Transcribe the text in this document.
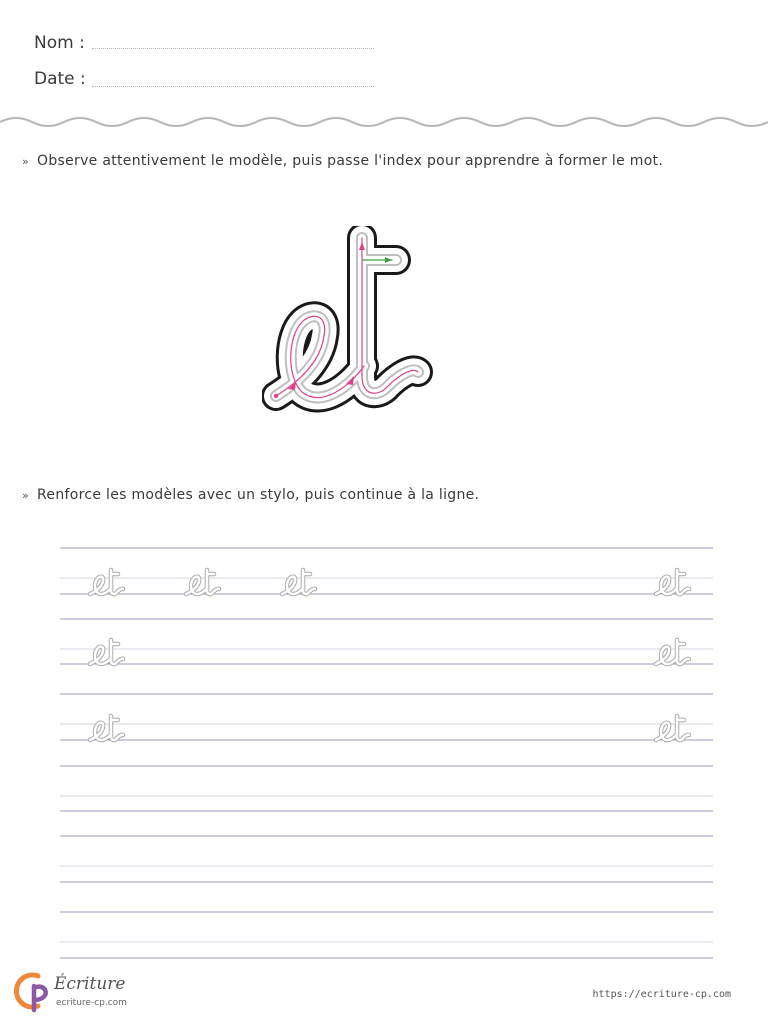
Nom :
Date :
» Observe attentivement le modèle, puis passe l'index pour apprendre à former le mot.
» Renforce les modèles avec un stylo, puis continue à la ligne.
Écriture
ecriture-cp.com
https://ecriture-cp.com
